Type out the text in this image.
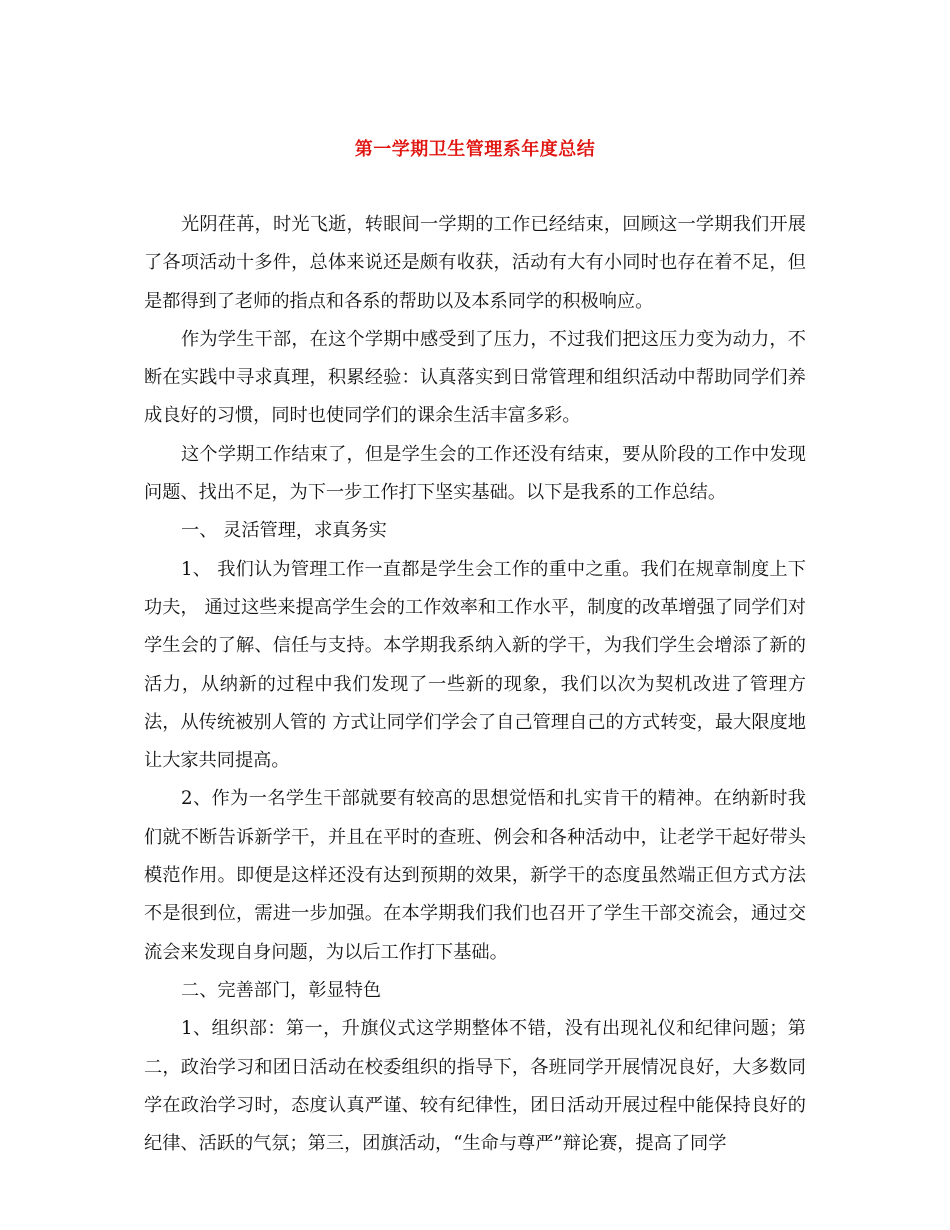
第一学期卫生管理系年度总结

光阴荏苒，时光飞逝，转眼间一学期的工作已经结束，回顾这一学期我们开展了各项活动十多件，总体来说还是颇有收获，活动有大有小同时也存在着不足，但是都得到了老师的指点和各系的帮助以及本系同学的积极响应。

作为学生干部，在这个学期中感受到了压力，不过我们把这压力变为动力，不断在实践中寻求真理，积累经验：认真落实到日常管理和组织活动中帮助同学们养成良好的习惯，同时也使同学们的课余生活丰富多彩。

这个学期工作结束了，但是学生会的工作还没有结束，要从阶段的工作中发现问题、找出不足，为下一步工作打下坚实基础。以下是我系的工作总结。

一、 灵活管理，求真务实

1、 我们认为管理工作一直都是学生会工作的重中之重。我们在规章制度上下功夫， 通过这些来提高学生会的工作效率和工作水平，制度的改革增强了同学们对学生会的了解、信任与支持。本学期我系纳入新的学干，为我们学生会增添了新的活力，从纳新的过程中我们发现了一些新的现象，我们以次为契机改进了管理方法，从传统被别人管的 方式让同学们学会了自己管理自己的方式转变，最大限度地让大家共同提高。

2、作为一名学生干部就要有较高的思想觉悟和扎实肯干的精神。在纳新时我们就不断告诉新学干，并且在平时的查班、例会和各种活动中，让老学干起好带头模范作用。即便是这样还没有达到预期的效果，新学干的态度虽然端正但方式方法不是很到位，需进一步加强。在本学期我们我们也召开了学生干部交流会，通过交流会来发现自身问题，为以后工作打下基础。

二、完善部门，彰显特色

1、组织部：第一，升旗仪式这学期整体不错，没有出现礼仪和纪律问题；第二，政治学习和团日活动在校委组织的指导下，各班同学开展情况良好，大多数同学在政治学习时，态度认真严谨、较有纪律性，团日活动开展过程中能保持良好的纪律、活跃的气氛；第三，团旗活动，“生命与尊严”辩论赛，提高了同学
